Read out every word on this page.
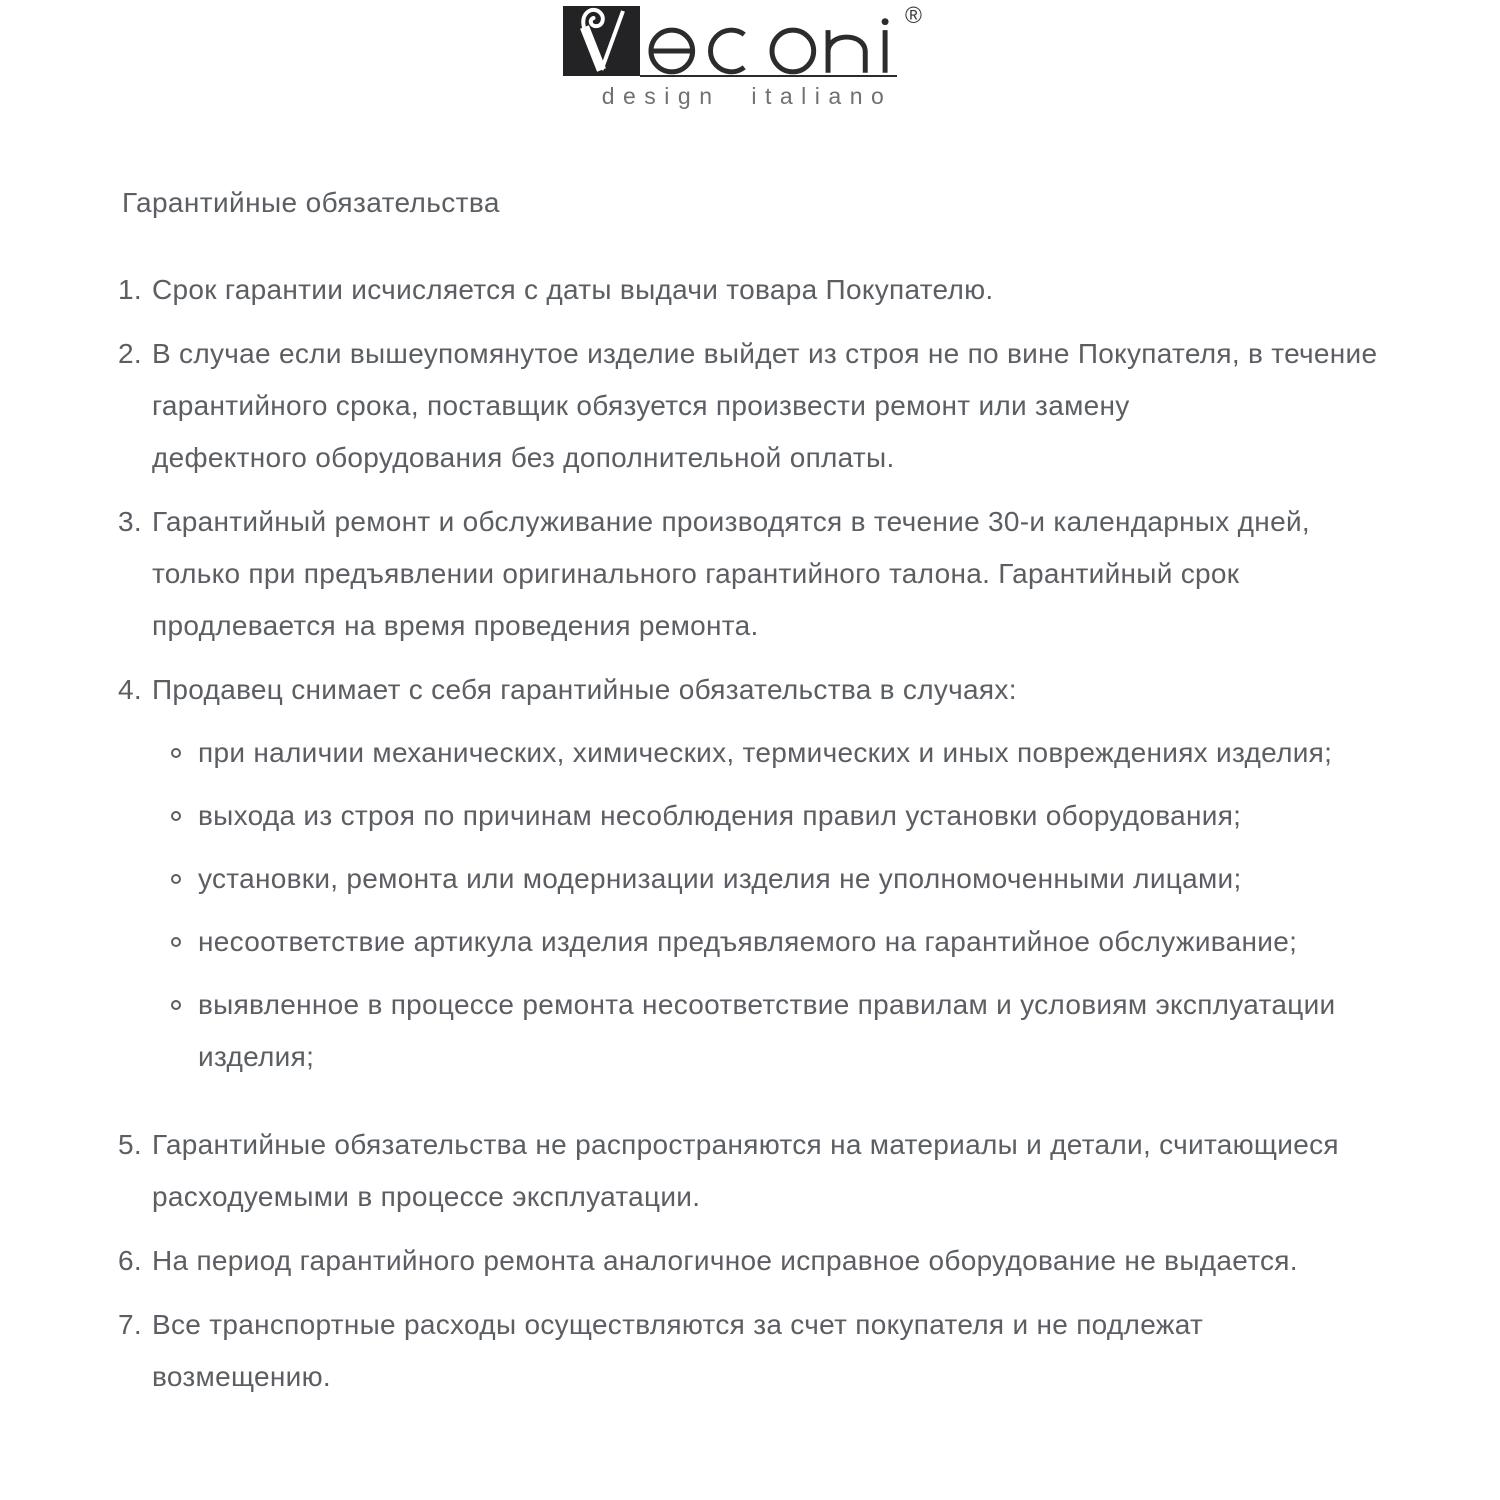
®
design italiano
Гарантийные обязательства
1. Срок гарантии исчисляется с даты выдачи товара Покупателю.
2. В случае если вышеупомянутое изделие выйдет из строя не по вине Покупателя, в течение
гарантийного срока, поставщик обязуется произвести ремонт или замену
дефектного оборудования без дополнительной оплаты.
3. Гарантийный ремонт и обслуживание производятся в течение 30-и календарных дней,
только при предъявлении оригинального гарантийного талона. Гарантийный срок
продлевается на время проведения ремонта.
4. Продавец снимает с себя гарантийные обязательства в случаях:
при наличии механических, химических, термических и иных повреждениях изделия;
выхода из строя по причинам несоблюдения правил установки оборудования;
установки, ремонта или модернизации изделия не уполномоченными лицами;
несоответствие артикула изделия предъявляемого на гарантийное обслуживание;
выявленное в процессе ремонта несоответствие правилам и условиям эксплуатации
изделия;
5. Гарантийные обязательства не распространяются на материалы и детали, считающиеся
расходуемыми в процессе эксплуатации.
6. На период гарантийного ремонта аналогичное исправное оборудование не выдается.
7. Все транспортные расходы осуществляются за счет покупателя и не подлежат
возмещению.
